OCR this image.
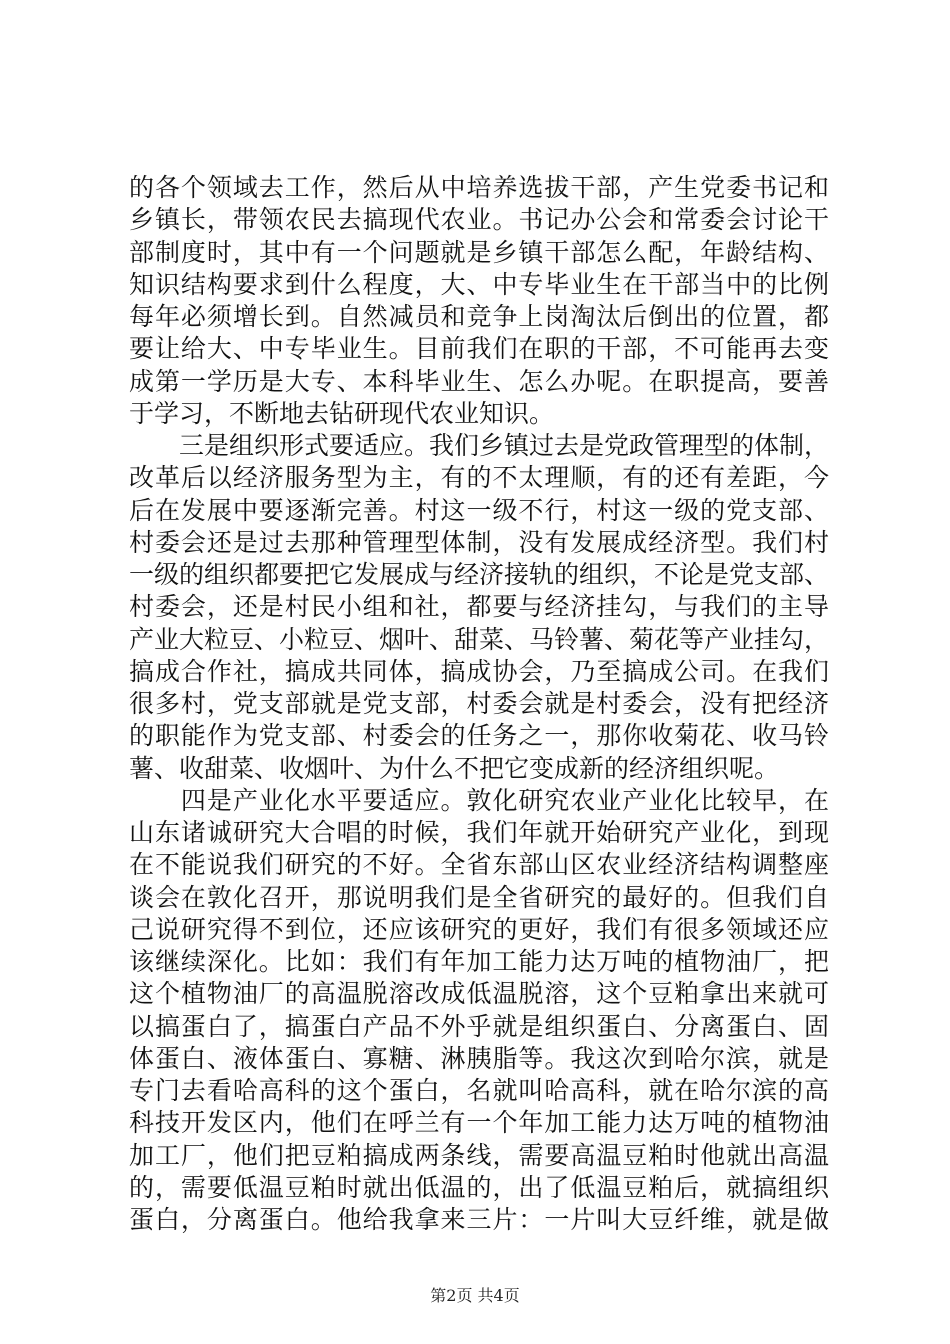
的各个领域去工作，然后从中培养选拔干部，产生党委书记和
乡镇长，带领农民去搞现代农业。书记办公会和常委会讨论干
部制度时，其中有一个问题就是乡镇干部怎么配，年龄结构、
知识结构要求到什么程度，大、中专毕业生在干部当中的比例
每年必须增长到。自然减员和竞争上岗淘汰后倒出的位置，都
要让给大、中专毕业生。目前我们在职的干部，不可能再去变
成第一学历是大专、本科毕业生、怎么办呢。在职提高，要善
于学习，不断地去钻研现代农业知识。
　　三是组织形式要适应。我们乡镇过去是党政管理型的体制，
改革后以经济服务型为主，有的不太理顺，有的还有差距，今
后在发展中要逐渐完善。村这一级不行，村这一级的党支部、
村委会还是过去那种管理型体制，没有发展成经济型。我们村
一级的组织都要把它发展成与经济接轨的组织，不论是党支部、
村委会，还是村民小组和社，都要与经济挂勾，与我们的主导
产业大粒豆、小粒豆、烟叶、甜菜、马铃薯、菊花等产业挂勾，
搞成合作社，搞成共同体，搞成协会，乃至搞成公司。在我们
很多村，党支部就是党支部，村委会就是村委会，没有把经济
的职能作为党支部、村委会的任务之一，那你收菊花、收马铃
薯、收甜菜、收烟叶、为什么不把它变成新的经济组织呢。
　　四是产业化水平要适应。敦化研究农业产业化比较早，在
山东诸诚研究大合唱的时候，我们年就开始研究产业化，到现
在不能说我们研究的不好。全省东部山区农业经济结构调整座
谈会在敦化召开，那说明我们是全省研究的最好的。但我们自
己说研究得不到位，还应该研究的更好，我们有很多领域还应
该继续深化。比如：我们有年加工能力达万吨的植物油厂，把
这个植物油厂的高温脱溶改成低温脱溶，这个豆粕拿出来就可
以搞蛋白了，搞蛋白产品不外乎就是组织蛋白、分离蛋白、固
体蛋白、液体蛋白、寡糖、淋胰脂等。我这次到哈尔滨，就是
专门去看哈高科的这个蛋白，名就叫哈高科，就在哈尔滨的高
科技开发区内，他们在呼兰有一个年加工能力达万吨的植物油
加工厂，他们把豆粕搞成两条线，需要高温豆粕时他就出高温
的，需要低温豆粕时就出低温的，出了低温豆粕后，就搞组织
蛋白，分离蛋白。他给我拿来三片：一片叫大豆纤维，就是做
第2页 共4页
